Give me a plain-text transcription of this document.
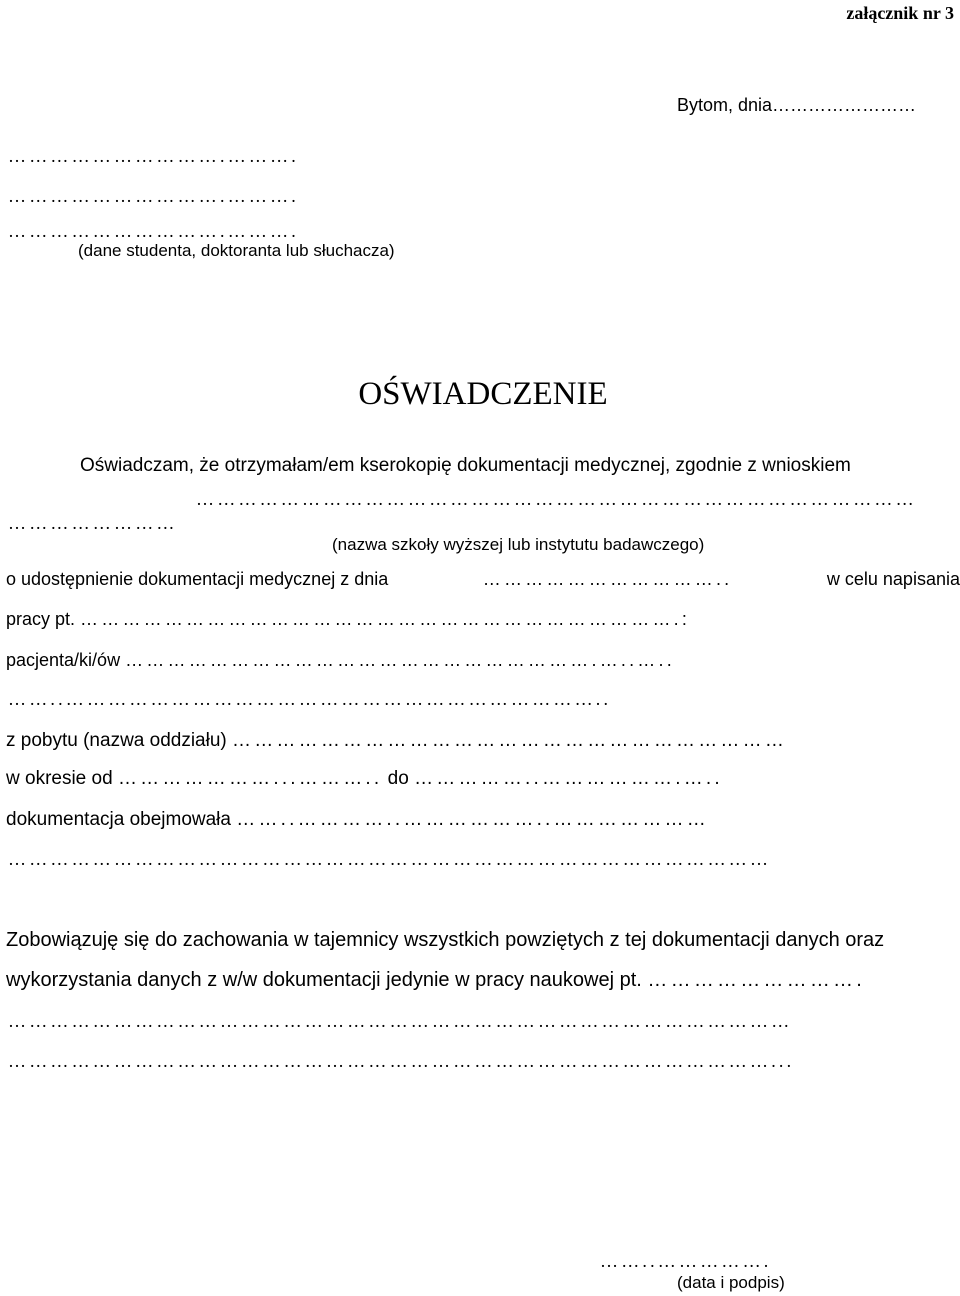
załącznik nr 3
Bytom, dnia……………………
………………………….……….
………………………….……….
………………………….……….
(dane studenta, doktoranta lub słuchacza)
OŚWIADCZENIE
Oświadczam, że otrzymałam/em kserokopię dokumentacji medycznej, zgodnie z wnioskiem
…………………………………………………………………………………………
……………………
(nazwa szkoły wyższej lub instytutu badawczego)
o udostępnienie dokumentacji medycznej z dnia	……………………………..	w celu napisania
pracy pt. ………………………………………………………………………….:
pacjenta/ki/ów ………………………………………………………….…..…..
……..…………………………………………………………………..
z pobytu (nazwa oddziału) …………………………………………………………………
w okresie od …………………...……….. do ……………..……………….…..
dokumentacja obejmowała ……..…………..………………..…………………
………………………………………………………………………………………………
Zobowiązuję się do zachowania w tajemnicy wszystkich powziętych z tej dokumentacji danych oraz
wykorzystania danych z w/w dokumentacji jedynie w pracy naukowej pt. ……………………….
…………………………………………………………………………………………………
………………………………………………………………………………………………...
……..…………….
(data i podpis)
